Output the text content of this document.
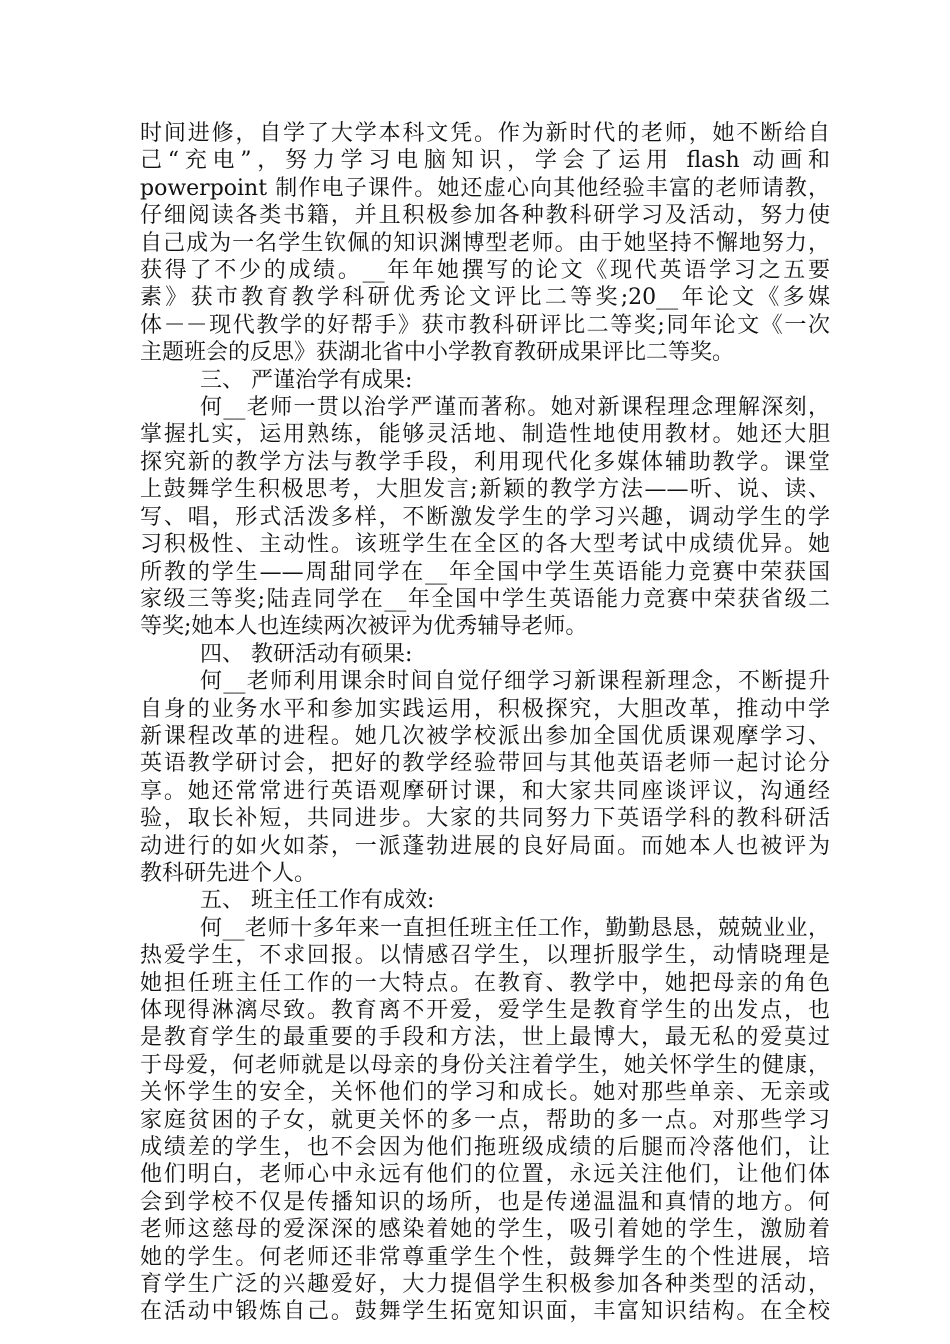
时间进修，自学了大学本科文凭。作为新时代的老师，她不断给自
己“充电”，努力学习电脑知识，学会了运用 flash 动画和
powerpoint 制作电子课件。她还虚心向其他经验丰富的老师请教，
仔细阅读各类书籍，并且积极参加各种教科研学习及活动，努力使
自己成为一名学生钦佩的知识渊博型老师。由于她坚持不懈地努力，
获得了不少的成绩。__年年她撰写的论文《现代英语学习之五要
素》获市教育教学科研优秀论文评比二等奖;20__年论文《多媒
体－－现代教学的好帮手》获市教科研评比二等奖;同年论文《一次
主题班会的反思》获湖北省中小学教育教研成果评比二等奖。
三、 严谨治学有成果:
何__老师一贯以治学严谨而著称。她对新课程理念理解深刻，
掌握扎实，运用熟练，能够灵活地、制造性地使用教材。她还大胆
探究新的教学方法与教学手段，利用现代化多媒体辅助教学。课堂
上鼓舞学生积极思考，大胆发言;新颖的教学方法——听、说、读、
写、唱，形式活泼多样，不断激发学生的学习兴趣，调动学生的学
习积极性、主动性。该班学生在全区的各大型考试中成绩优异。她
所教的学生——周甜同学在__年全国中学生英语能力竞赛中荣获国
家级三等奖;陆垚同学在__年全国中学生英语能力竞赛中荣获省级二
等奖;她本人也连续两次被评为优秀辅导老师。
四、 教研活动有硕果:
何__老师利用课余时间自觉仔细学习新课程新理念，不断提升
自身的业务水平和参加实践运用，积极探究，大胆改革，推动中学
新课程改革的进程。她几次被学校派出参加全国优质课观摩学习、
英语教学研讨会，把好的教学经验带回与其他英语老师一起讨论分
享。她还常常进行英语观摩研讨课，和大家共同座谈评议，沟通经
验，取长补短，共同进步。大家的共同努力下英语学科的教科研活
动进行的如火如荼，一派蓬勃进展的良好局面。而她本人也被评为
教科研先进个人。
五、 班主任工作有成效:
何__老师十多年来一直担任班主任工作，勤勤恳恳，兢兢业业，
热爱学生，不求回报。以情感召学生，以理折服学生，动情晓理是
她担任班主任工作的一大特点。在教育、教学中，她把母亲的角色
体现得淋漓尽致。教育离不开爱，爱学生是教育学生的出发点，也
是教育学生的最重要的手段和方法，世上最博大，最无私的爱莫过
于母爱，何老师就是以母亲的身份关注着学生，她关怀学生的健康，
关怀学生的安全，关怀他们的学习和成长。她对那些单亲、无亲或
家庭贫困的子女，就更关怀的多一点，帮助的多一点。对那些学习
成绩差的学生，也不会因为他们拖班级成绩的后腿而冷落他们，让
他们明白，老师心中永远有他们的位置，永远关注他们，让他们体
会到学校不仅是传播知识的场所，也是传递温温和真情的地方。何
老师这慈母的爱深深的感染着她的学生，吸引着她的学生，激励着
她的学生。何老师还非常尊重学生个性，鼓舞学生的个性进展，培
育学生广泛的兴趣爱好，大力提倡学生积极参加各种类型的活动，
在活动中锻炼自己。鼓舞学生拓宽知识面，丰富知识结构。在全校
